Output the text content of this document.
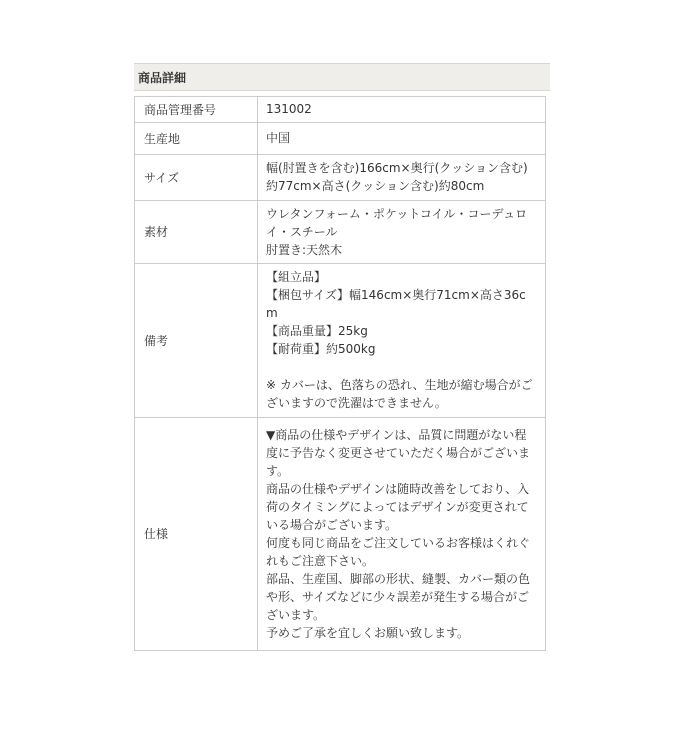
商品詳細
商品管理番号	131002
生産地	中国
サイズ	幅(肘置きを含む)166cm×奥行(クッション含む)約77cm×高さ(クッション含む)約80cm
素材	ウレタンフォーム・ポケットコイル・コーデュロイ・スチール
肘置き:天然木
備考	【組立品】
【梱包サイズ】幅146cm×奥行71cm×高さ36cm
【商品重量】25kg
【耐荷重】約500kg

※ カバーは、色落ちの恐れ、生地が縮む場合がございますので洗濯はできません。
仕様	▼商品の仕様やデザインは、品質に問題がない程度に予告なく変更させていただく場合がございます。
商品の仕様やデザインは随時改善をしており、入荷のタイミングによってはデザインが変更されている場合がございます。
何度も同じ商品をご注文しているお客様はくれぐれもご注意下さい。
部品、生産国、脚部の形状、縫製、カバー類の色や形、サイズなどに少々誤差が発生する場合がございます。
予めご了承を宜しくお願い致します。
